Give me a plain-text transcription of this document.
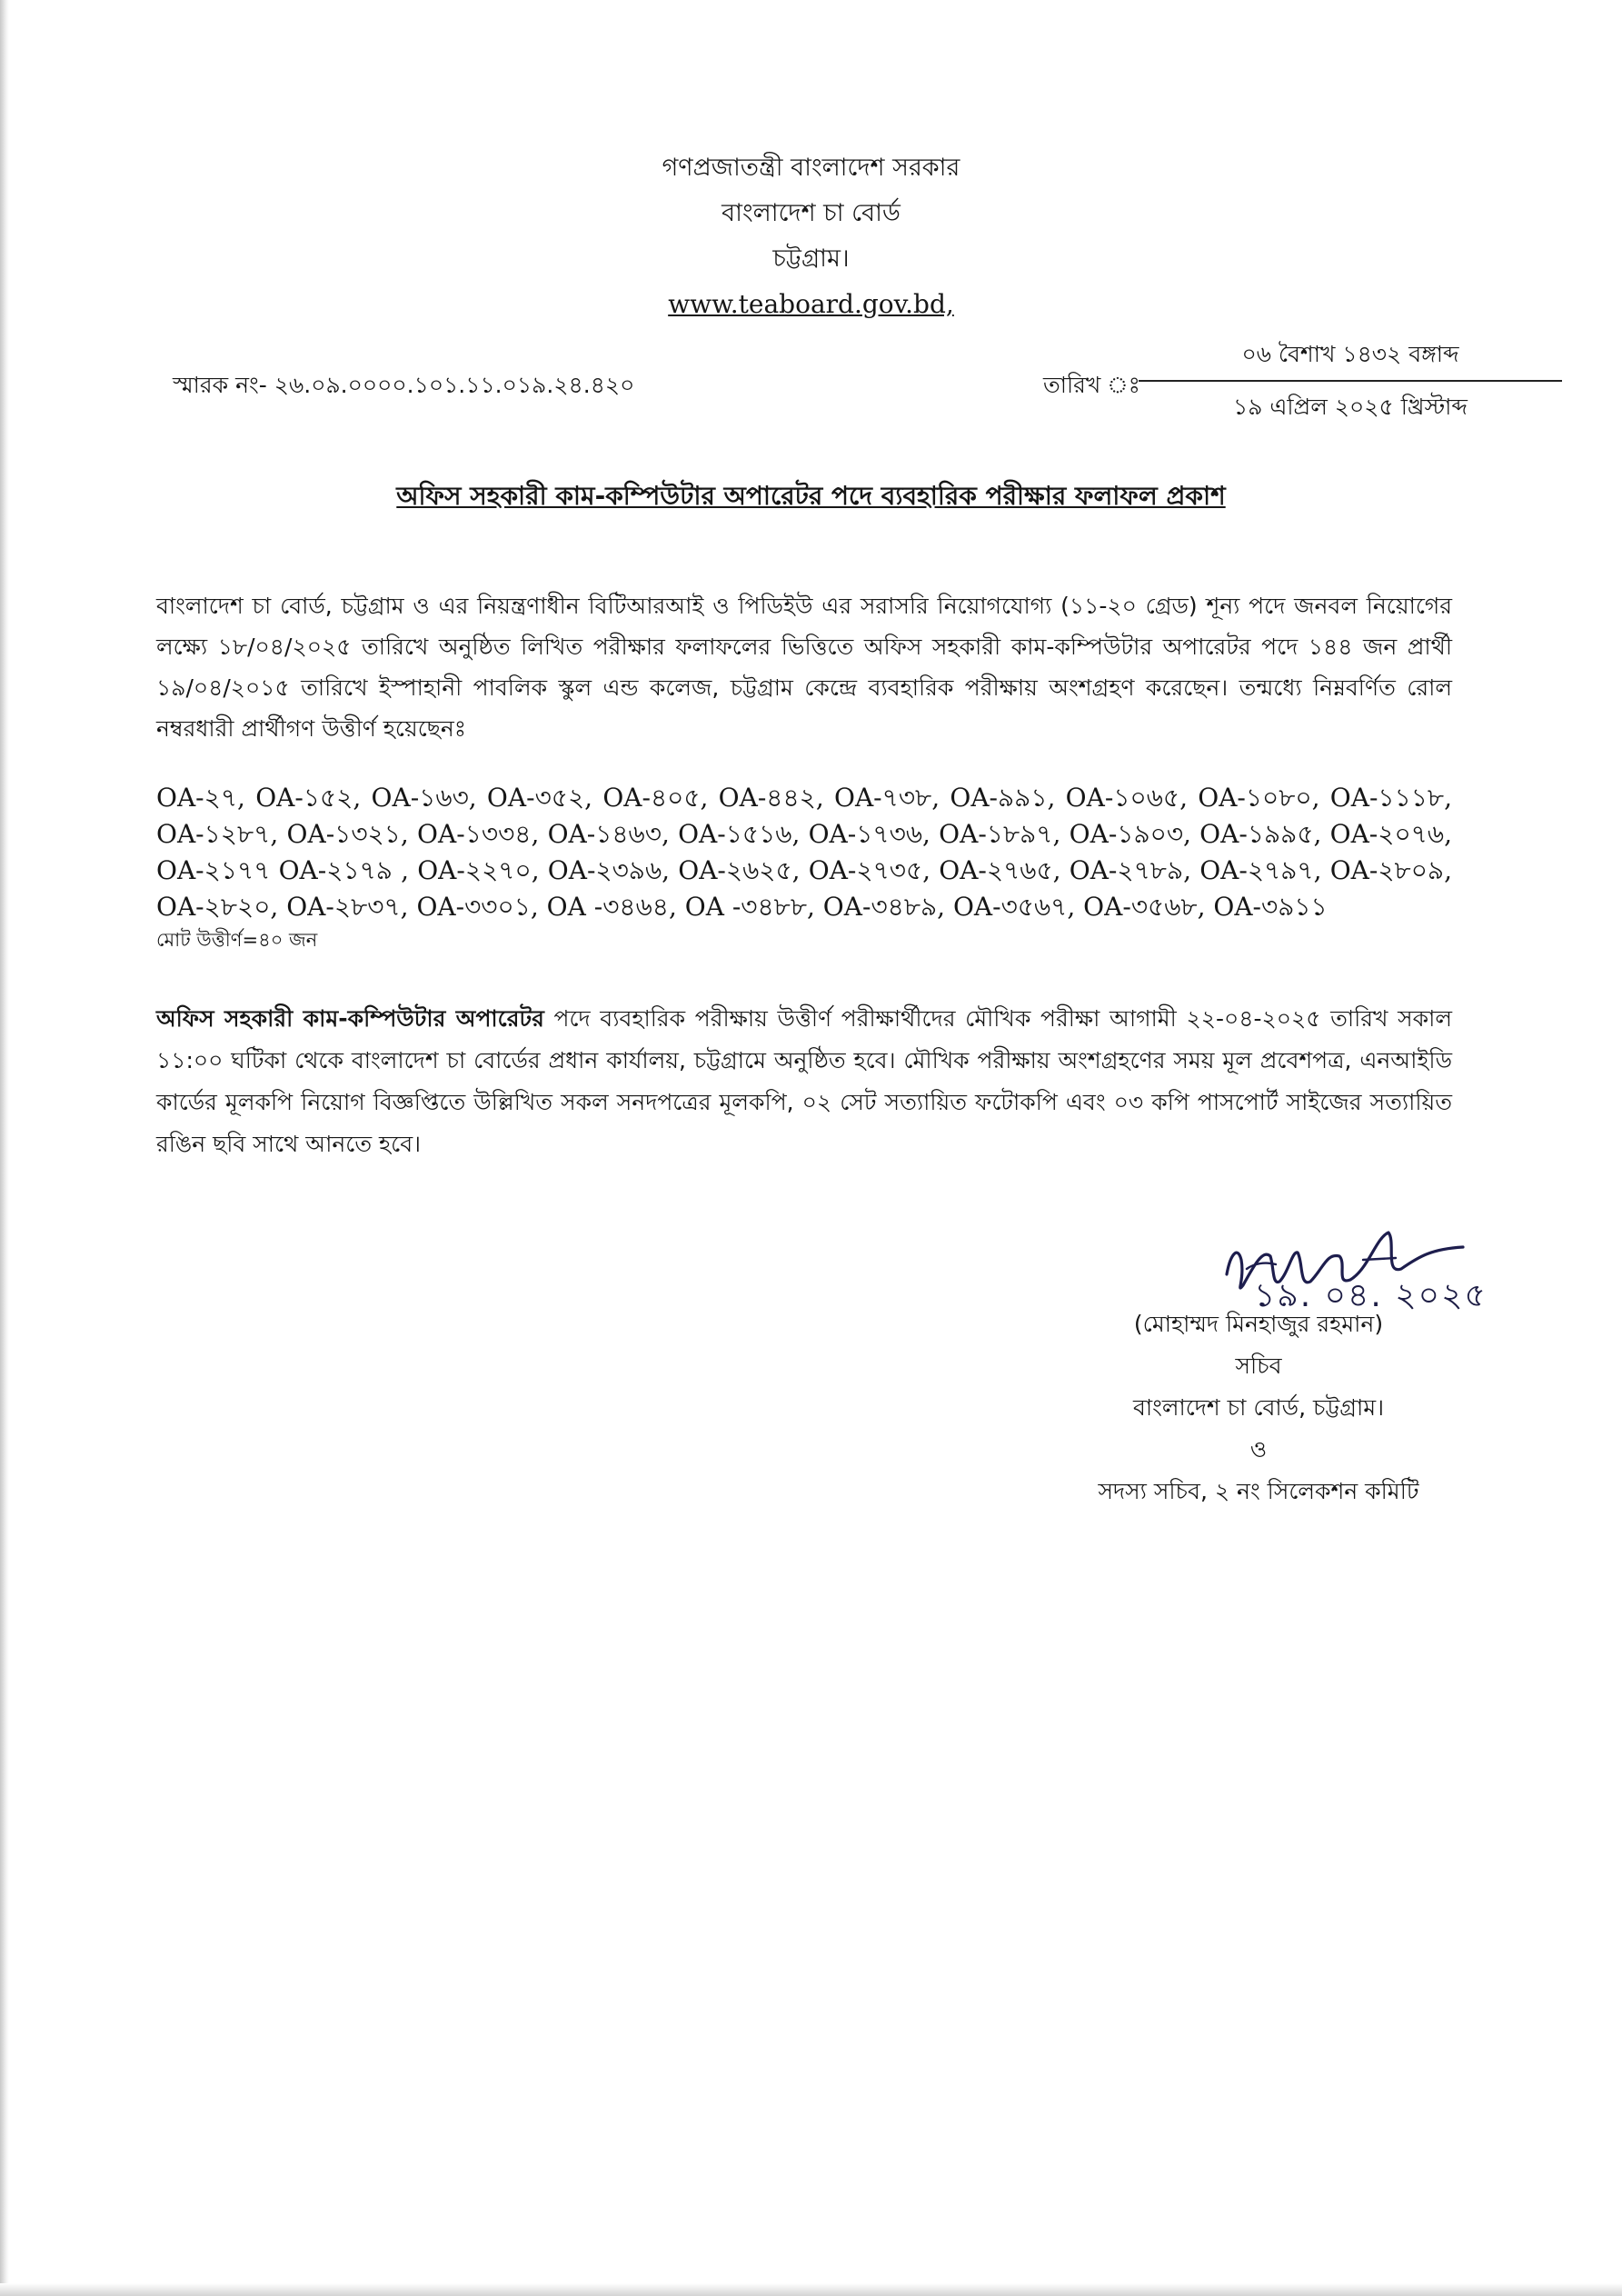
গণপ্রজাতন্ত্রী বাংলাদেশ সরকার
বাংলাদেশ চা বোর্ড
চট্টগ্রাম।
www.teaboard.gov.bd,
স্মারক নং- ২৬.০৯.০০০০.১০১.১১.০১৯.২৪.৪২০	তারিখ ঃ
০৬ বৈশাখ ১৪৩২ বঙ্গাব্দ
১৯ এপ্রিল ২০২৫ খ্রিস্টাব্দ
অফিস সহকারী কাম-কম্পিউটার অপারেটর পদে ব্যবহারিক পরীক্ষার ফলাফল প্রকাশ
বাংলাদেশ চা বোর্ড, চট্টগ্রাম ও এর নিয়ন্ত্রণাধীন বিটিআরআই ও পিডিইউ এর সরাসরি নিয়োগযোগ্য (১১-২০ গ্রেড) শূন্য পদে জনবল নিয়োগের লক্ষ্যে ১৮/০৪/২০২৫ তারিখে অনুষ্ঠিত লিখিত পরীক্ষার ফলাফলের ভিত্তিতে অফিস সহকারী কাম-কম্পিউটার অপারেটর পদে ১৪৪ জন প্রার্থী ১৯/০৪/২০১৫ তারিখে ইস্পাহানী পাবলিক স্কুল এন্ড কলেজ, চট্টগ্রাম কেন্দ্রে ব্যবহারিক পরীক্ষায় অংশগ্রহণ করেছেন। তন্মধ্যে নিম্নবর্ণিত রোল নম্বরধারী প্রার্থীগণ উত্তীর্ণ হয়েছেনঃ
OA-২৭, OA-১৫২, OA-১৬৩, OA-৩৫২, OA-৪০৫, OA-৪৪২, OA-৭৩৮, OA-৯৯১, OA-১০৬৫, OA-১০৮০, OA-১১১৮, OA-১২৮৭, OA-১৩২১, OA-১৩৩৪, OA-১৪৬৩, OA-১৫১৬, OA-১৭৩৬, OA-১৮৯৭, OA-১৯০৩, OA-১৯৯৫, OA-২০৭৬, OA-২১৭৭ OA-২১৭৯ , OA-২২৭০, OA-২৩৯৬, OA-২৬২৫, OA-২৭৩৫, OA-২৭৬৫, OA-২৭৮৯, OA-২৭৯৭, OA-২৮০৯, OA-২৮২০, OA-২৮৩৭, OA-৩৩০১, OA -৩৪৬৪, OA -৩৪৮৮, OA-৩৪৮৯, OA-৩৫৬৭, OA-৩৫৬৮, OA-৩৯১১
মোট উত্তীর্ণ=৪০ জন
অফিস সহকারী কাম-কম্পিউটার অপারেটর পদে ব্যবহারিক পরীক্ষায় উত্তীর্ণ পরীক্ষার্থীদের মৌখিক পরীক্ষা আগামী ২২-০৪-২০২৫ তারিখ সকাল ১১:০০ ঘটিকা থেকে বাংলাদেশ চা বোর্ডের প্রধান কার্যালয়, চট্টগ্রামে অনুষ্ঠিত হবে। মৌখিক পরীক্ষায় অংশগ্রহণের সময় মূল প্রবেশপত্র, এনআইডি কার্ডের মূলকপি নিয়োগ বিজ্ঞপ্তিতে উল্লিখিত সকল সনদপত্রের মূলকপি, ০২ সেট সত্যায়িত ফটোকপি এবং ০৩ কপি পাসপোর্ট সাইজের সত্যায়িত রঙিন ছবি সাথে আনতে হবে।
১৯. ০৪. ২০২৫
(মোহাম্মদ মিনহাজুর রহমান)
সচিব
বাংলাদেশ চা বোর্ড, চট্টগ্রাম।
ও
সদস্য সচিব, ২ নং সিলেকশন কমিটি
